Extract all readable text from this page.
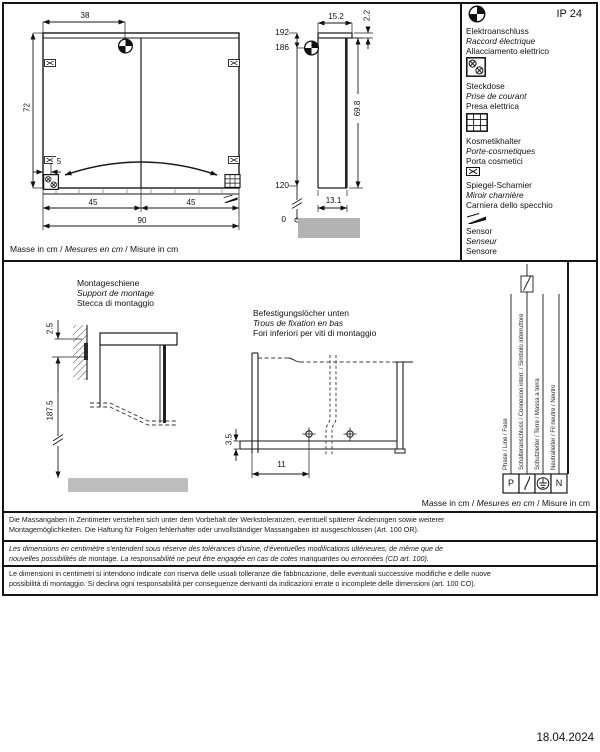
38
72
5
45	45
90
15.2	2.2
192
186
69.8
120
13.1
0
IP 24
Elektroanschluss
Raccord électrique
Allacciamento elettrico
Steckdose
Prise de courant
Presa elettrica
Kosmetikhalter
Porte-cosmetiques
Porta cosmetici
Spiegel-Scharnier
Miroir charnière
Carniera dello specchio
Sensor
Senseur
Sensore
Masse in cm / Mesures en cm / Misure in cm
Montageschiene
Support de montage
Stecca di montaggio
Befestigungslöcher unten
Trous de fixation en bas
Fori inferiori per viti di montaggio
2.5
187.5
3.5
11	Phase / Line / Fase Schalteranschluss / Connexion interr. / Simbolo interruttore Schutzleiter / Terre / Massa a terra Neutralleiter / Fil neutre / Neutro
P	N
Masse in cm / Mesures en cm / Misure in cm
Die Massangaben in Zentimeter verstehen sich unter dem Vorbehalt der Werkstoleranzen, eventuell späterer Änderungen sowie weiterer
Montagemöglichkeiten. Die Haftung für Folgen fehlerhafter oder unvollständiger Massangaben ist ausgeschlossen (Art. 100 OR).
Les dimensions en centimètre s'entendent sous réserve des tolérances d'usine, d'éventuelles modifications ultérieures, de même que de
nouvelles possibilités de montage. La responsabilité ne peut être engagée en cas de cotes manquantes ou erronnées (CD art. 100).
Le dimensioni in centimetri si intendono indicate con riserva delle usuali tolleranze die fabbricazione, delle eventuali successive modifiche e delle nuove
possibilità di montaggio. Si declina ogni responsabilità per conseguenze derivanti da indicazioni errate o incomplete delle dimensioni (art. 100 CO).
18.04.2024
